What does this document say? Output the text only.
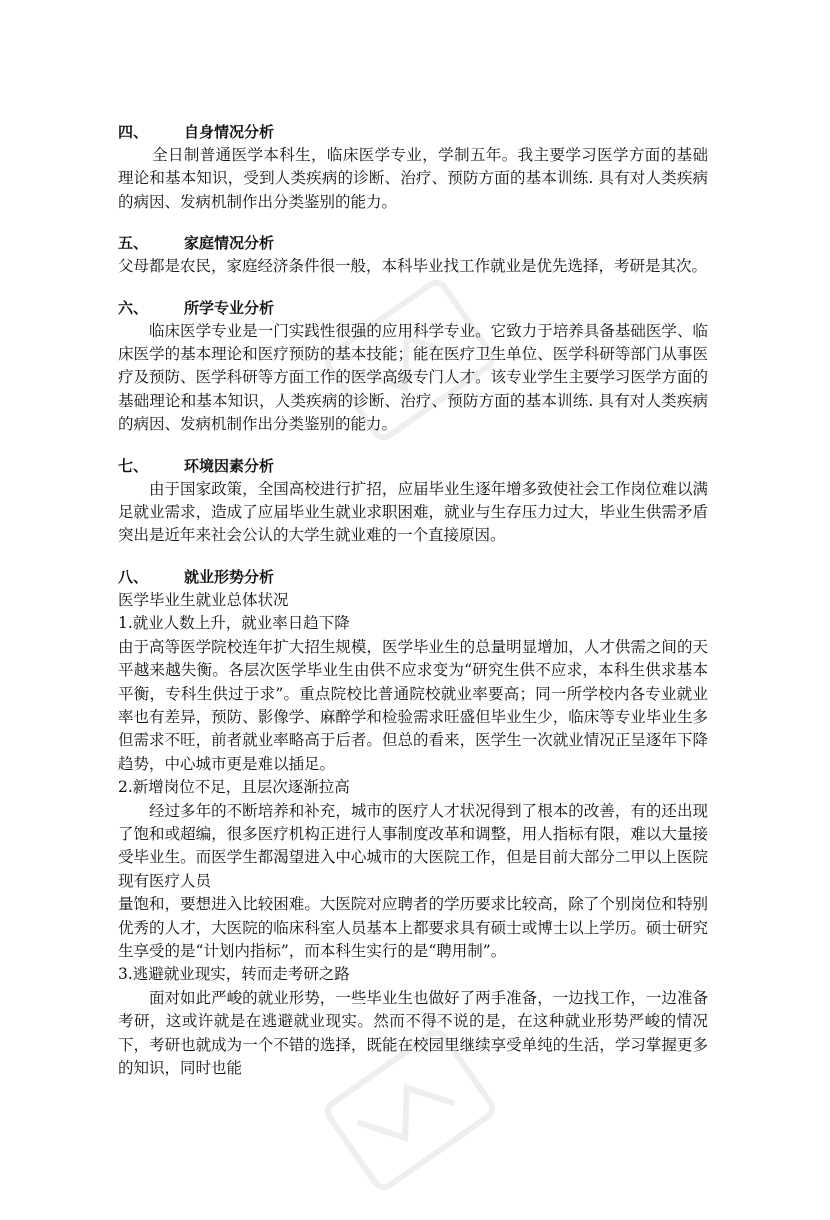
四、	自身情况分析

全日制普通医学本科生，临床医学专业，学制五年。我主要学习医学方面的基础理论和基本知识，受到人类疾病的诊断、治疗、预防方面的基本训练. 具有对人类疾病的病因、发病机制作出分类鉴别的能力。

五、	家庭情况分析

父母都是农民，家庭经济条件很一般，本科毕业找工作就业是优先选择，考研是其次。

六、	所学专业分析

临床医学专业是一门实践性很强的应用科学专业。它致力于培养具备基础医学、临床医学的基本理论和医疗预防的基本技能；能在医疗卫生单位、医学科研等部门从事医疗及预防、医学科研等方面工作的医学高级专门人才。该专业学生主要学习医学方面的基础理论和基本知识，人类疾病的诊断、治疗、预防方面的基本训练. 具有对人类疾病的病因、发病机制作出分类鉴别的能力。

七、	环境因素分析

由于国家政策，全国高校进行扩招，应届毕业生逐年增多致使社会工作岗位难以满足就业需求，造成了应届毕业生就业求职困难，就业与生存压力过大，毕业生供需矛盾突出是近年来社会公认的大学生就业难的一个直接原因。

八、	就业形势分析

医学毕业生就业总体状况

1.就业人数上升，就业率日趋下降

由于高等医学院校连年扩大招生规模，医学毕业生的总量明显增加，人才供需之间的天平越来越失衡。各层次医学毕业生由供不应求变为“研究生供不应求，本科生供求基本平衡，专科生供过于求”。重点院校比普通院校就业率要高；同一所学校内各专业就业率也有差异，预防、影像学、麻醉学和检验需求旺盛但毕业生少，临床等专业毕业生多但需求不旺，前者就业率略高于后者。但总的看来，医学生一次就业情况正呈逐年下降趋势，中心城市更是难以插足。

2.新增岗位不足，且层次逐渐拉高

经过多年的不断培养和补充，城市的医疗人才状况得到了根本的改善，有的还出现了饱和或超编，很多医疗机构正进行人事制度改革和调整，用人指标有限，难以大量接受毕业生。而医学生都渴望进入中心城市的大医院工作，但是目前大部分二甲以上医院现有医疗人员

量饱和，要想进入比较困难。大医院对应聘者的学历要求比较高，除了个别岗位和特别优秀的人才，大医院的临床科室人员基本上都要求具有硕士或博士以上学历。硕士研究生享受的是“计划内指标”，而本科生实行的是“聘用制”。

3.逃避就业现实，转而走考研之路

面对如此严峻的就业形势，一些毕业生也做好了两手准备，一边找工作，一边准备考研，这或许就是在逃避就业现实。然而不得不说的是，在这种就业形势严峻的情况下，考研也就成为一个不错的选择，既能在校园里继续享受单纯的生活，学习掌握更多的知识，同时也能
